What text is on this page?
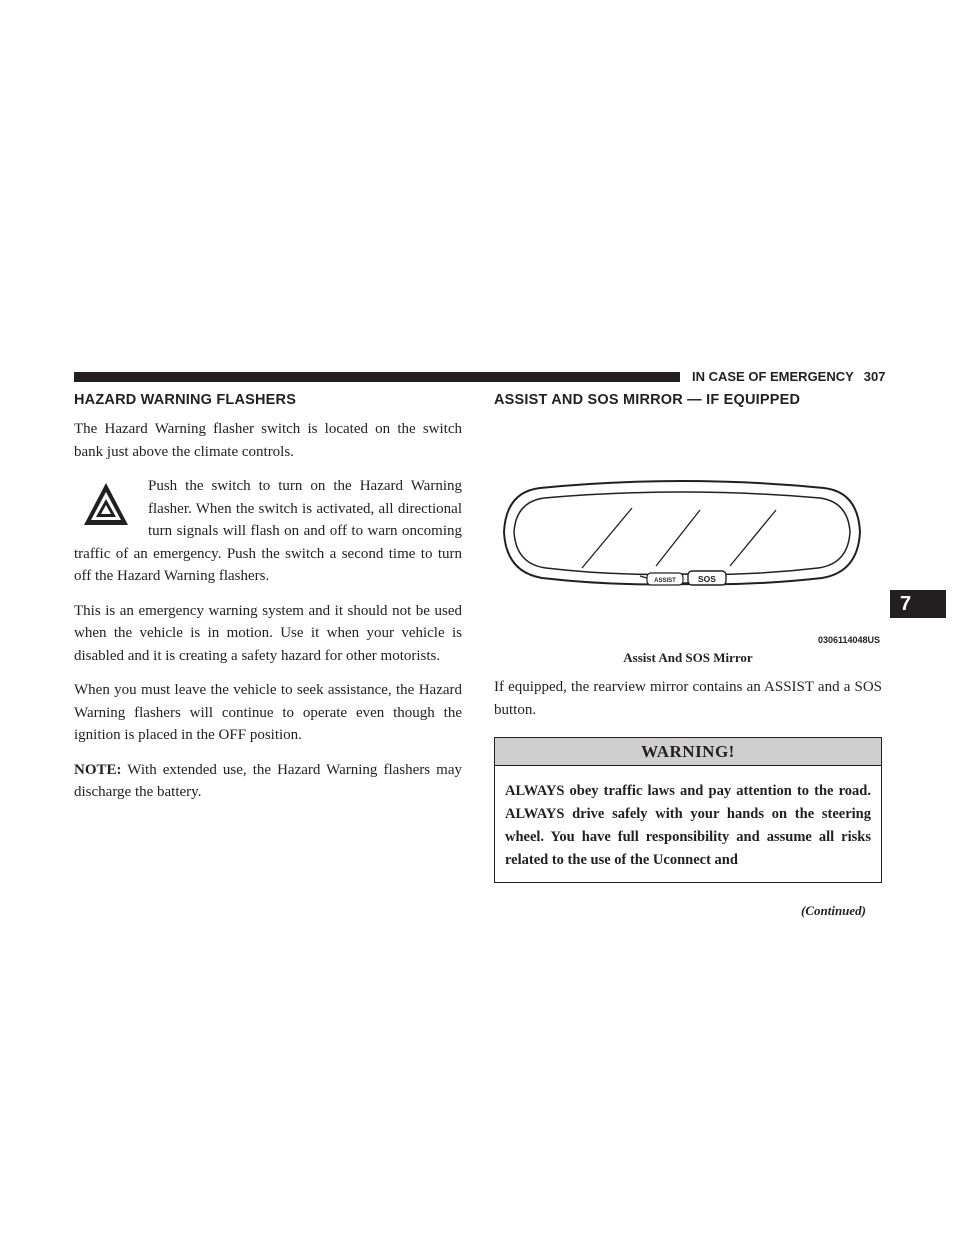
IN CASE OF EMERGENCY 307
7
HAZARD WARNING FLASHERS

The Hazard Warning flasher switch is located on the switch bank just above the climate controls.

Push the switch to turn on the Hazard Warning flasher. When the switch is activated, all directional turn signals will flash on and off to warn oncoming traffic of an emergency. Push the switch a second time to turn off the Hazard Warning flashers.

This is an emergency warning system and it should not be used when the vehicle is in motion. Use it when your vehicle is disabled and it is creating a safety hazard for other motorists.

When you must leave the vehicle to seek assistance, the Hazard Warning flashers will continue to operate even though the ignition is placed in the OFF position.

NOTE: With extended use, the Hazard Warning flashers may discharge the battery.

ASSIST AND SOS MIRROR — IF EQUIPPED
ASSIST	SOS
0306114048US
Assist And SOS Mirror

If equipped, the rearview mirror contains an ASSIST and a SOS button.

WARNING!
ALWAYS obey traffic laws and pay attention to the road. ALWAYS drive safely with your hands on the steering wheel. You have full responsibility and assume all risks related to the use of the Uconnect and
(Continued)
